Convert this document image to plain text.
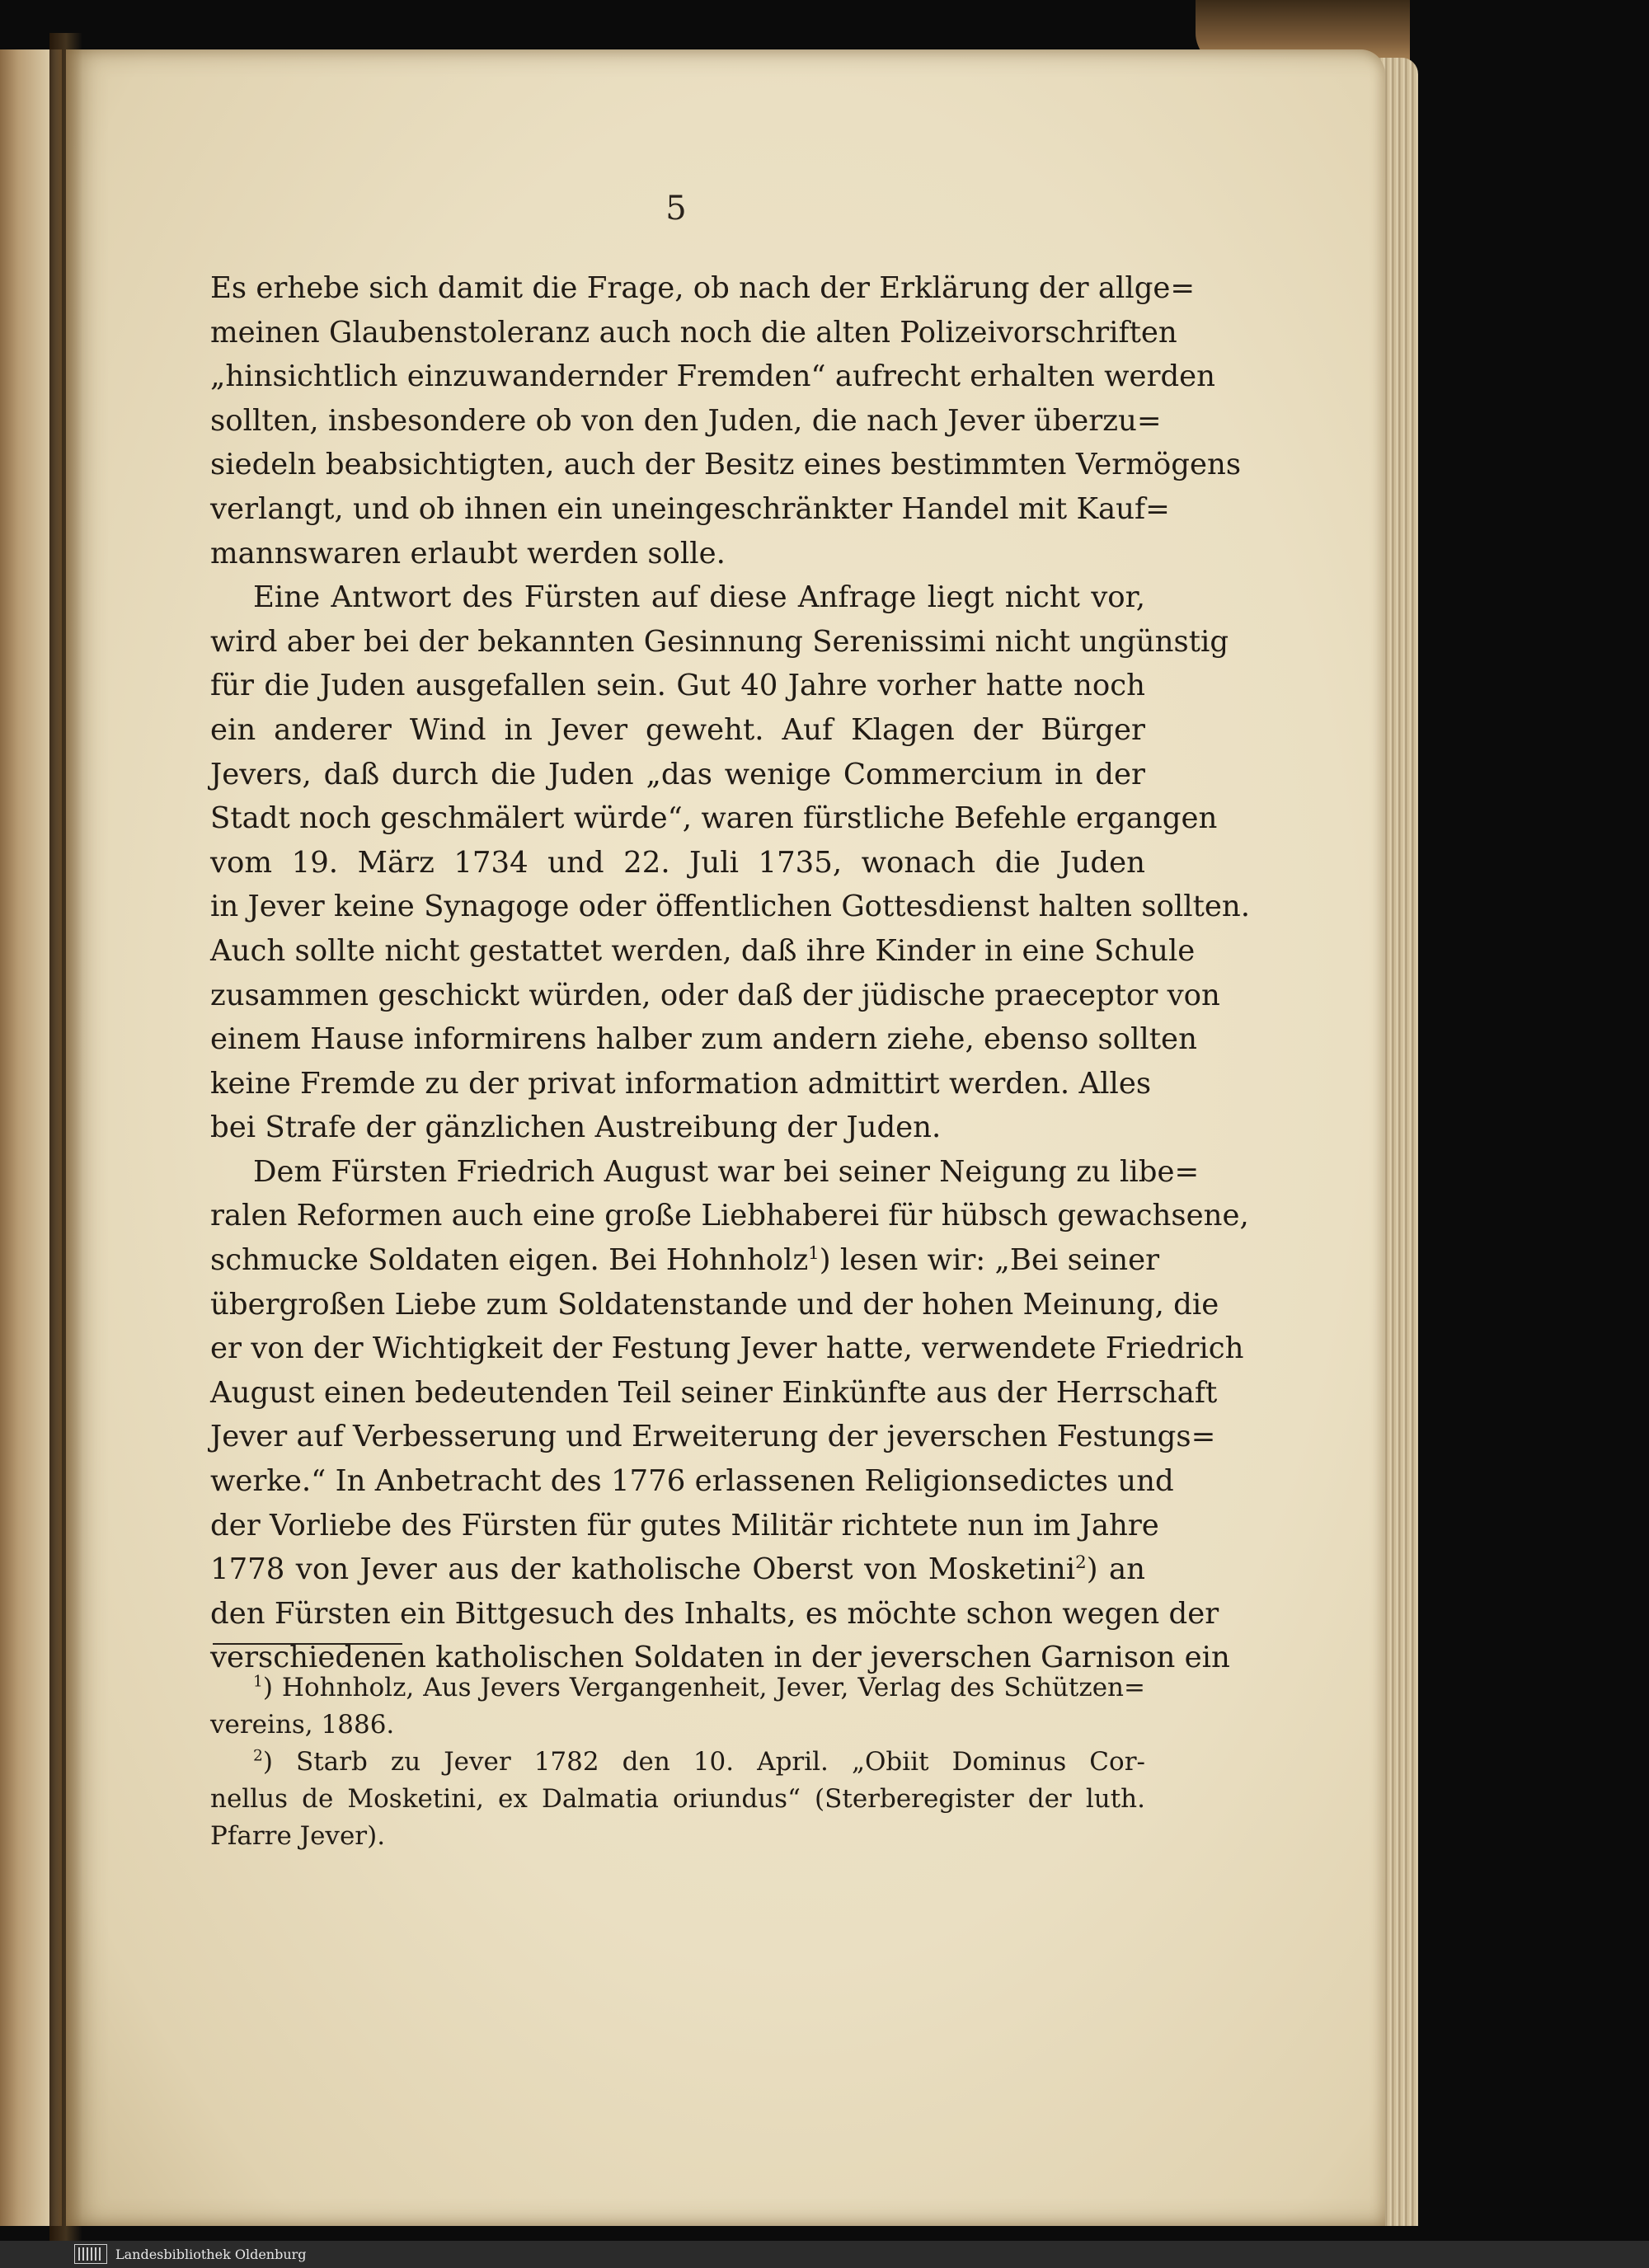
5
Es erhebe sich damit die Frage, ob nach der Erklärung der allge=
meinen Glaubenstoleranz auch noch die alten Polizeivorschriften
„hinsichtlich einzuwandernder Fremden“ aufrecht erhalten werden
sollten, insbesondere ob von den Juden, die nach Jever überzu=
siedeln beabsichtigten, auch der Besitz eines bestimmten Vermögens
verlangt, und ob ihnen ein uneingeschränkter Handel mit Kauf=
mannswaren erlaubt werden solle.
Eine Antwort des Fürsten auf diese Anfrage liegt nicht vor,
wird aber bei der bekannten Gesinnung Serenissimi nicht ungünstig
für die Juden ausgefallen sein. Gut 40 Jahre vorher hatte noch
ein anderer Wind in Jever geweht. Auf Klagen der Bürger
Jevers, daß durch die Juden „das wenige Commercium in der
Stadt noch geschmälert würde“, waren fürstliche Befehle ergangen
vom 19. März 1734 und 22. Juli 1735, wonach die Juden
in Jever keine Synagoge oder öffentlichen Gottesdienst halten sollten.
Auch sollte nicht gestattet werden, daß ihre Kinder in eine Schule
zusammen geschickt würden, oder daß der jüdische praeceptor von
einem Hause informirens halber zum andern ziehe, ebenso sollten
keine Fremde zu der privat information admittirt werden. Alles
bei Strafe der gänzlichen Austreibung der Juden.
Dem Fürsten Friedrich August war bei seiner Neigung zu libe=
ralen Reformen auch eine große Liebhaberei für hübsch gewachsene,
schmucke Soldaten eigen. Bei Hohnholz$^1$) lesen wir: „Bei seiner
übergroßen Liebe zum Soldatenstande und der hohen Meinung, die
er von der Wichtigkeit der Festung Jever hatte, verwendete Friedrich
August einen bedeutenden Teil seiner Einkünfte aus der Herrschaft
Jever auf Verbesserung und Erweiterung der jeverschen Festungs=
werke.“ In Anbetracht des 1776 erlassenen Religionsedictes und
der Vorliebe des Fürsten für gutes Militär richtete nun im Jahre
1778 von Jever aus der katholische Oberst von Mosketini$^2$) an
den Fürsten ein Bittgesuch des Inhalts, es möchte schon wegen der
verschiedenen katholischen Soldaten in der jeverschen Garnison ein
$^1$) Hohnholz, Aus Jevers Vergangenheit, Jever, Verlag des Schützen=
vereins, 1886.
$^2$) Starb zu Jever 1782 den 10. April. „Obiit Dominus Cor-
nellus de Mosketini, ex Dalmatia oriundus“ (Sterberegister der luth.
Pfarre Jever).
Landesbibliothek Oldenburg
